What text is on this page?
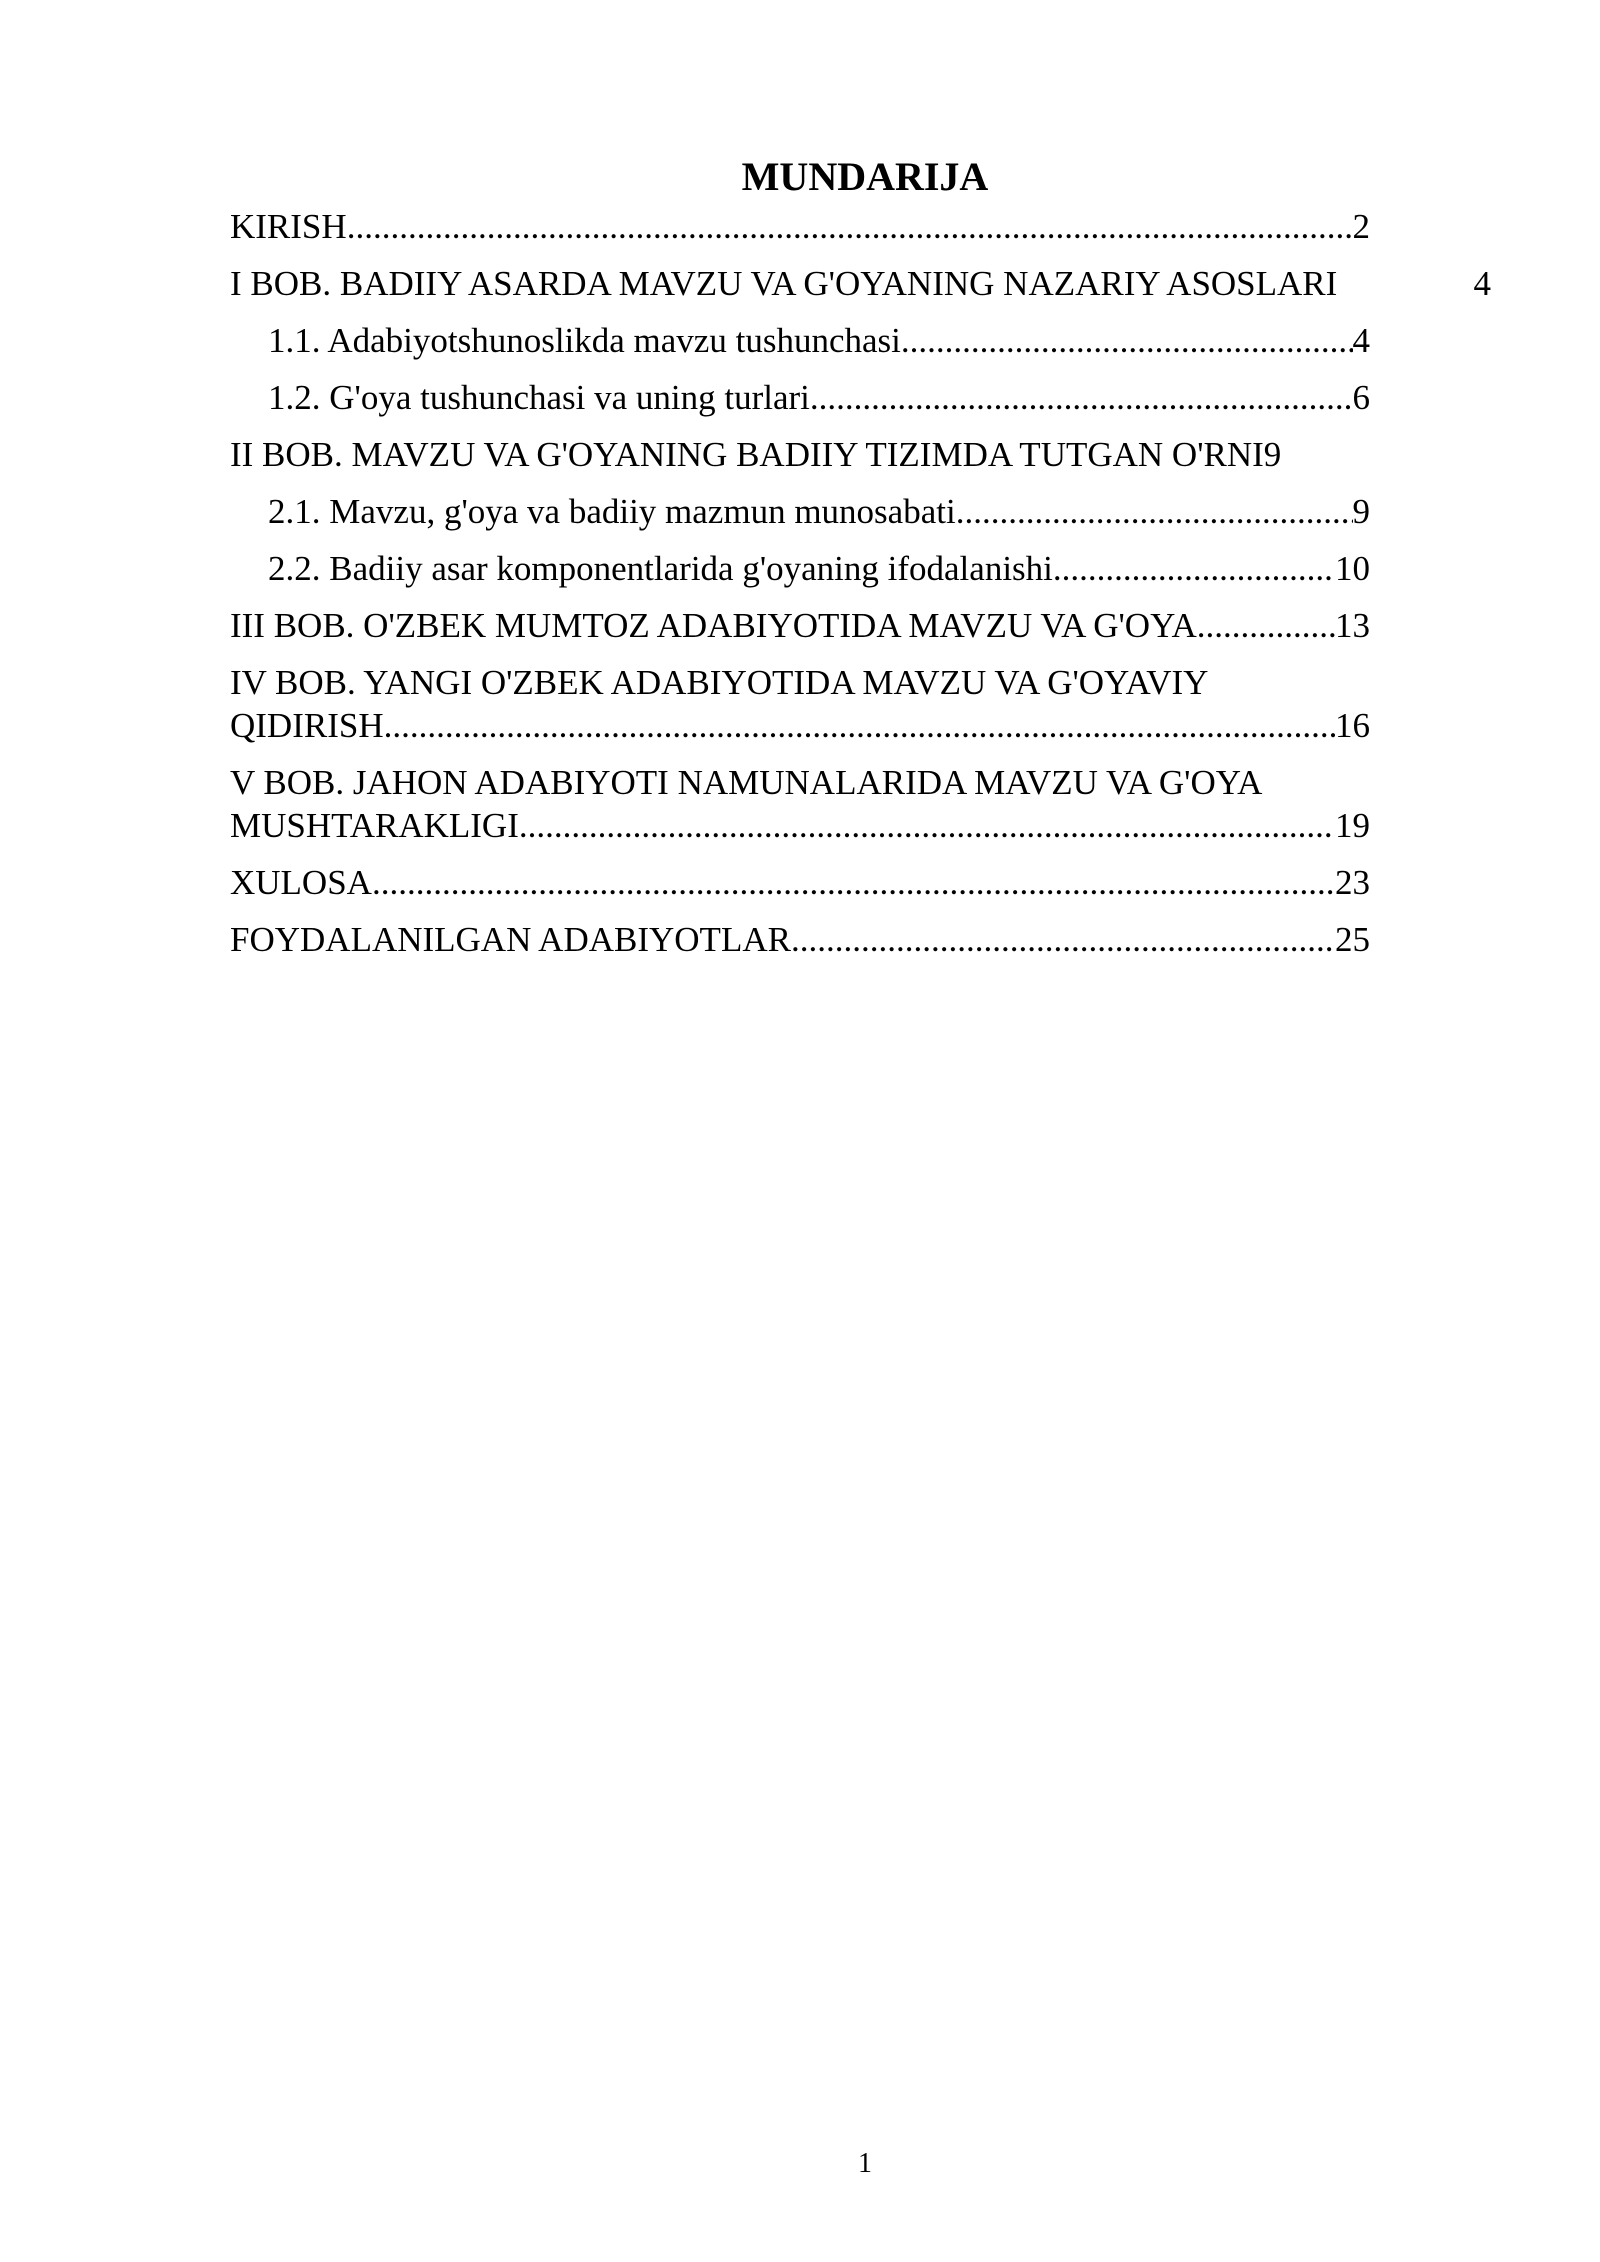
MUNDARIJA
KIRISH .....	2
I BOB. BADIIY ASARDA MAVZU VA G'OYANING NAZARIY ASOSLARI	4
1.1. Adabiyotshunoslikda mavzu tushunchasi .....	4
1.2. G'oya tushunchasi va uning turlari .....	6
II BOB. MAVZU VA G'OYANING BADIIY TIZIMDA TUTGAN O'RNI 9
2.1. Mavzu, g'oya va badiiy mazmun munosabati .....	9
2.2. Badiiy asar komponentlarida g'oyaning ifodalanishi .....	10
III BOB. O'ZBEK MUMTOZ ADABIYOTIDA MAVZU VA G'OYA .....	13
IV BOB. YANGI O'ZBEK ADABIYOTIDA MAVZU VA G'OYAVIY
QIDIRISH .....	16
V BOB. JAHON ADABIYOTI NAMUNALARIDA MAVZU VA G'OYA
MUSHTARAKLIGI .....	19
XULOSA .....	23
FOYDALANILGAN ADABIYOTLAR .....	25
1
